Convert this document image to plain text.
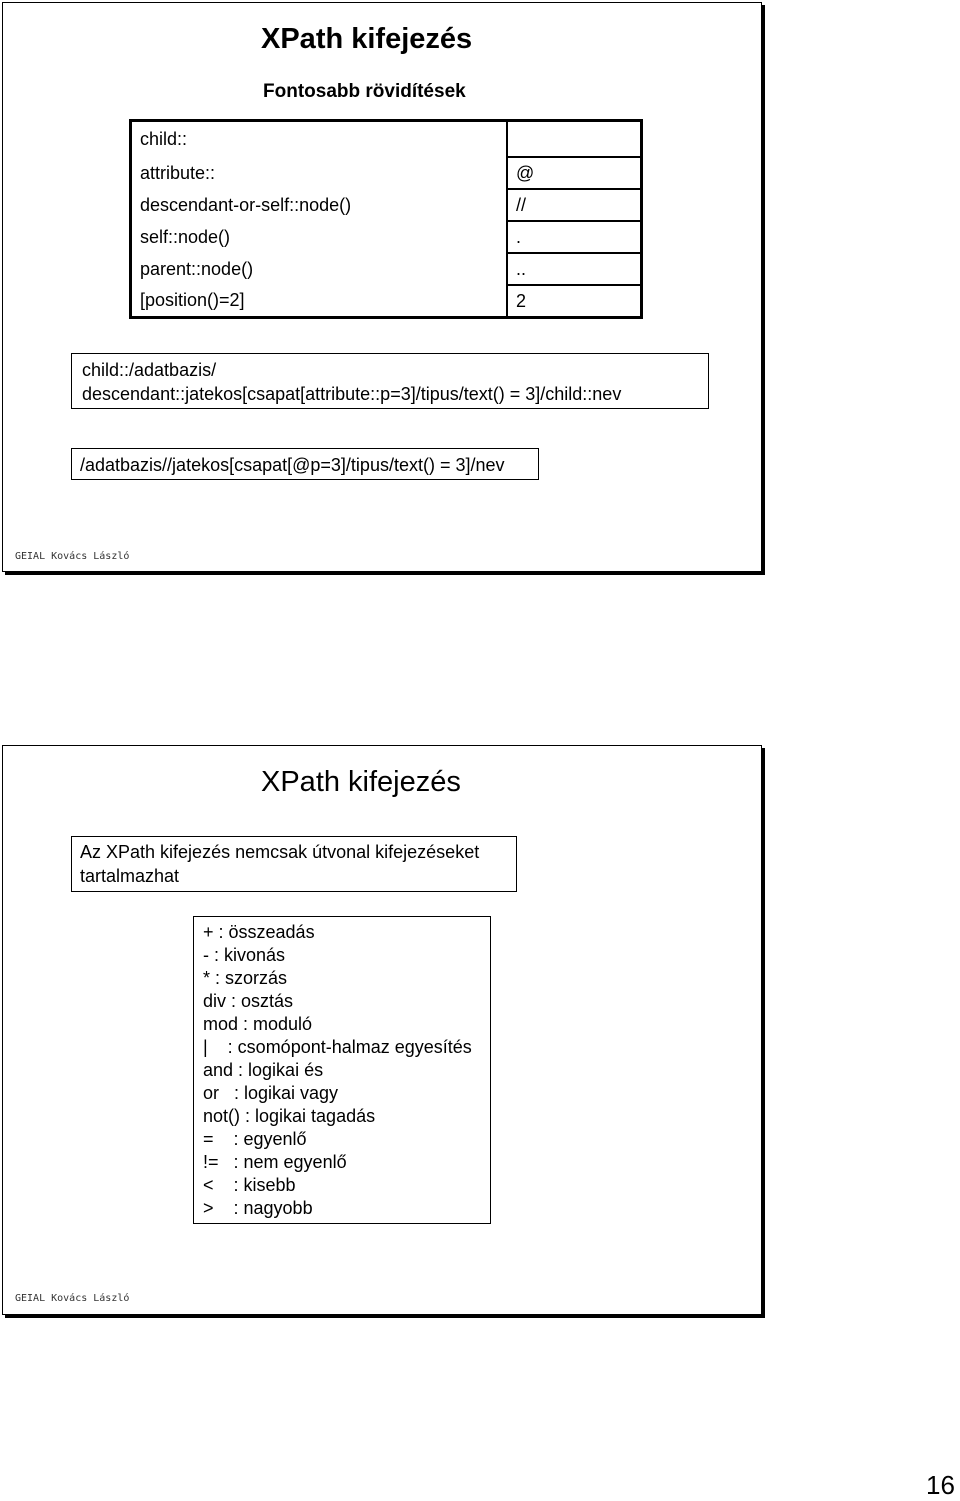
XPath kifejezés
Fontosabb rövidítések
child::	
attribute::	@
descendant-or-self::node()	//
self::node()	.
parent::node()	..
[position()=2]	2
child::/adatbazis/
descendant::jatekos[csapat[attribute::p=3]/tipus/text() = 3]/child::nev
/adatbazis//jatekos[csapat[@p=3]/tipus/text() = 3]/nev
GEIAL Kovács László
XPath kifejezés
Az XPath kifejezés nemcsak útvonal kifejezéseket
tartalmazhat
+ : összeadás
- : kivonás
* : szorzás
div : osztás
mod : moduló
|    : csomópont-halmaz egyesítés
and : logikai és
or   : logikai vagy
not() : logikai tagadás
=    : egyenlő
!=   : nem egyenlő
<    : kisebb
>    : nagyobb
GEIAL Kovács László
16
